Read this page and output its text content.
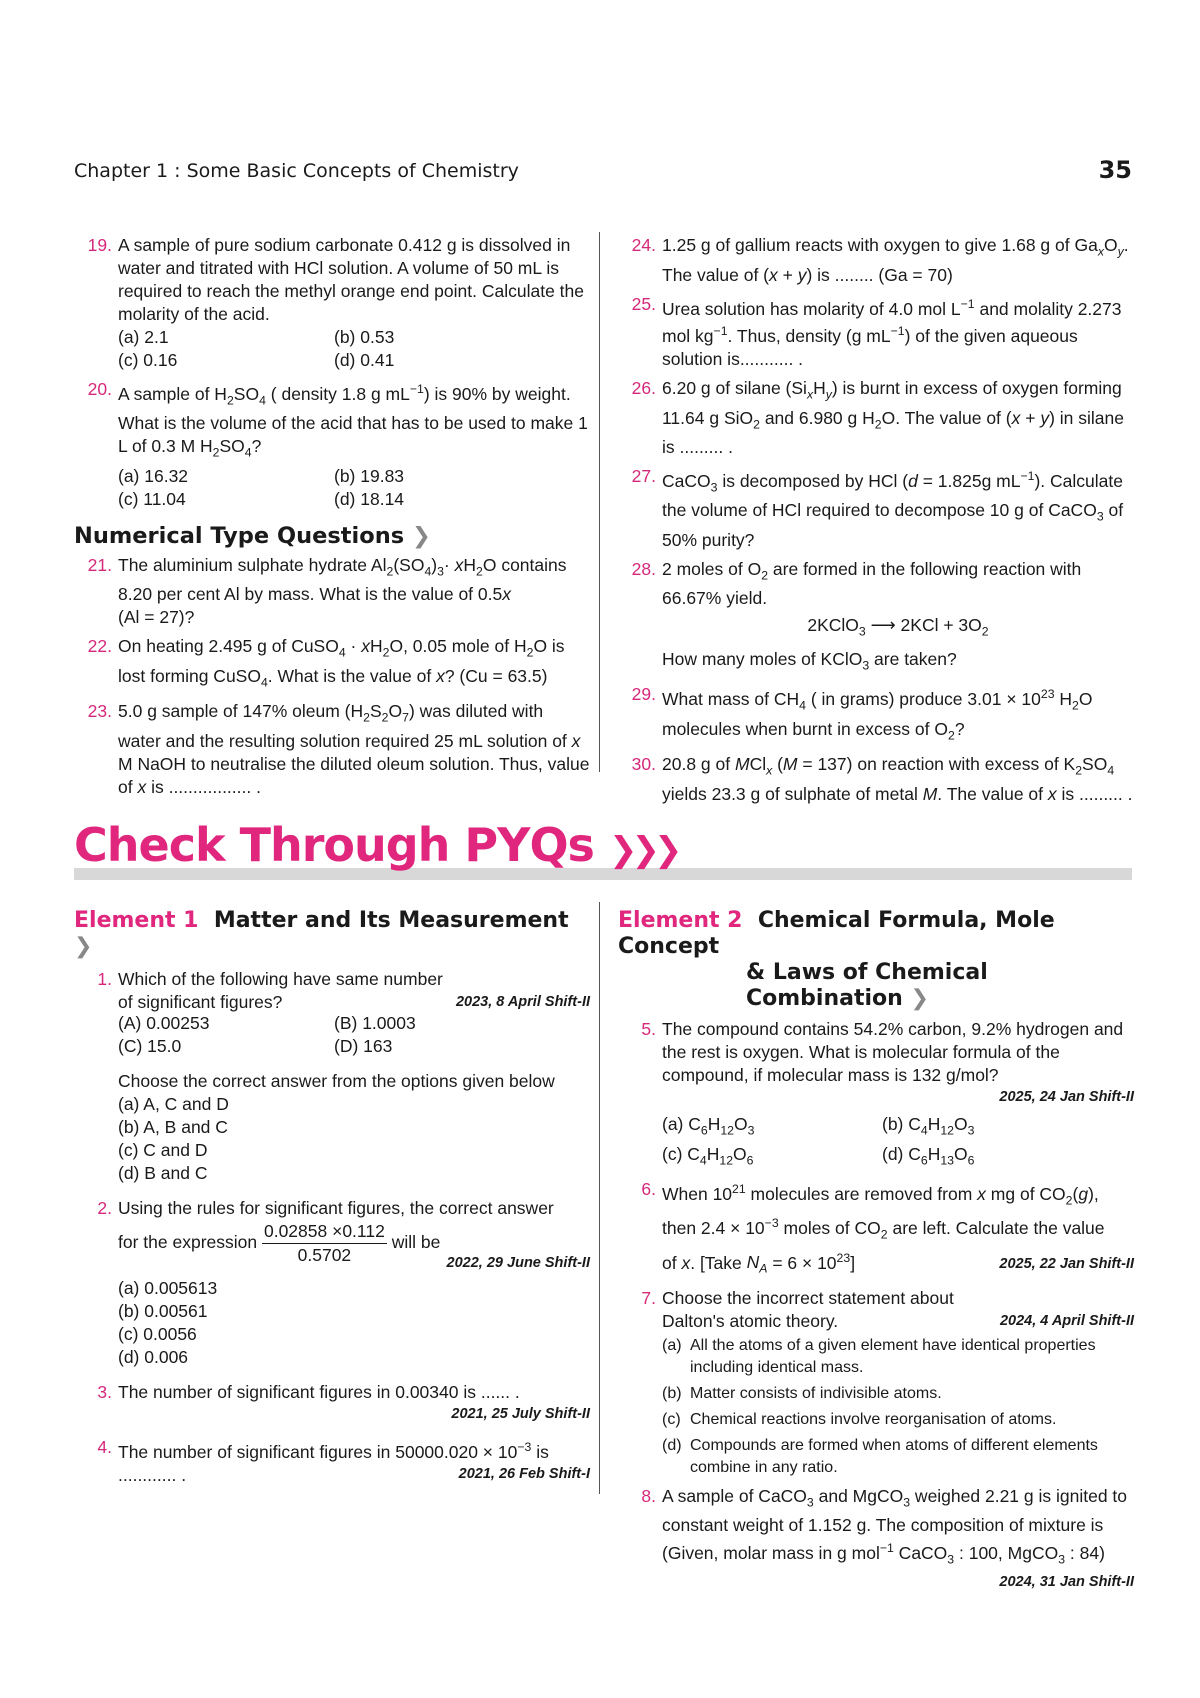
Chapter 1 : Some Basic Concepts of Chemistry	35
19. A sample of pure sodium carbonate 0.412 g is dissolved in water and titrated with HCl solution. A volume of 50 mL is required to reach the methyl orange end point. Calculate the molarity of the acid.
(a) 2.1	(b) 0.53
(c) 0.16	(d) 0.41
20. A sample of $H_2SO_4$ ( density 1.8 g $mL^{-1}$) is 90% by weight. What is the volume of the acid that has to be used to make 1 L of 0.3 M $H_2SO_4$?
(a) 16.32	(b) 19.83
(c) 11.04	(d) 18.14
Numerical Type Questions ❯
21. The aluminium sulphate hydrate $Al_2(SO_4)_3\cdot xH_2O$ contains 8.20 per cent Al by mass. What is the value of 0.5x
(Al = 27)?
22. On heating 2.495 g of CuSO$_4$ · $xH_2O$, 0.05 mole of $H_2O$ is lost forming CuSO$_4$. What is the value of x? (Cu = 63.5)
23. 5.0 g sample of 147% oleum $(H_2S_2O_7)$ was diluted with water and the resulting solution required 25 mL solution of x M NaOH to neutralise the diluted oleum solution. Thus, value of x is ................. .
24. 1.25 g of gallium reacts with oxygen to give 1.68 g of $Ga_xO_y$. The value of (x + y) is ........ (Ga = 70)
25. Urea solution has molarity of 4.0 mol $L^{-1}$ and molality 2.273 mol $kg^{-1}$. Thus, density (g $mL^{-1}$) of the given aqueous solution is........... .
26. 6.20 g of silane $(Si_xH_y)$ is burnt in excess of oxygen forming 11.64 g SiO$_2$ and 6.980 g $H_2O$. The value of (x + y) in silane is ......... .
27. CaCO$_3$ is decomposed by HCl (d = 1.825g $mL^{-1}$). Calculate the volume of HCl required to decompose 10 g of CaCO$_3$ of 50% purity?
28. 2 moles of $O_2$ are formed in the following reaction with 66.67% yield.
2KClO$_3$ ⟶ $2KCl + 3O_2$
How many moles of KClO$_3$ are taken?
29. What mass of $CH_4$ ( in grams) produce $3.01 \times 10^{23}$ $H_2O$ molecules when burnt in excess of $O_2$?
30. 20.8 g of MCl$_x$ (M = 137) on reaction with excess of $K_2SO_4$ yields 23.3 g of sulphate of metal M. The value of x is ......... .
Check Through PYQs ❯❯❯
Element 1 Matter and Its Measurement ❯
1. Which of the following have same number of significant figures?	2023, 8 April Shift-II
(A) 0.00253	(B) 1.0003
(C) 15.0	(D) 163
Choose the correct answer from the options given below
(a) A, C and D
(b) A, B and C
(c) C and D
(d) B and C
2. Using the rules for significant figures, the correct answer
for the expression $\frac{0.02858 \times 0.112}{0.5702}$ will be
2022, 29 June Shift-II
(a) 0.005613
(b) 0.00561
(c) 0.0056
(d) 0.006
3. The number of significant figures in 0.00340 is ...... .
2021, 25 July Shift-II
4. The number of significant figures in $50000.020 \times 10^{-3}$ is
............ .	2021, 26 Feb Shift-I
Element 2 Chemical Formula, Mole Concept
& Laws of Chemical Combination ❯
5. The compound contains 54.2% carbon, 9.2% hydrogen and the rest is oxygen. What is molecular formula of the compound, if molecular mass is 132 g/mol?
2025, 24 Jan Shift-II
(a) $C_6H_{12}O_3$	(b) $C_4H_{12}O_3$
(c) $C_4H_{12}O_6$	(d) $C_6H_{13}O_6$
6. When $10^{21}$ molecules are removed from x mg of $CO_2(g)$, then $2.4 \times 10^{-3}$ moles of $CO_2$ are left. Calculate the value
of x. [Take $N_A = 6 \times 10^{23}$]	2025, 22 Jan Shift-II
7. Choose the incorrect statement about Dalton's atomic theory.	2024, 4 April Shift-II
(a) All the atoms of a given element have identical properties including identical mass.
(b) Matter consists of indivisible atoms.
(c) Chemical reactions involve reorganisation of atoms.
(d) Compounds are formed when atoms of different elements combine in any ratio.
8. A sample of CaCO$_3$ and MgCO$_3$ weighed 2.21 g is ignited to constant weight of 1.152 g. The composition of mixture is (Given, molar mass in g mol$^{-1}$ CaCO$_3$ : 100, MgCO$_3$ : 84)
2024, 31 Jan Shift-II
